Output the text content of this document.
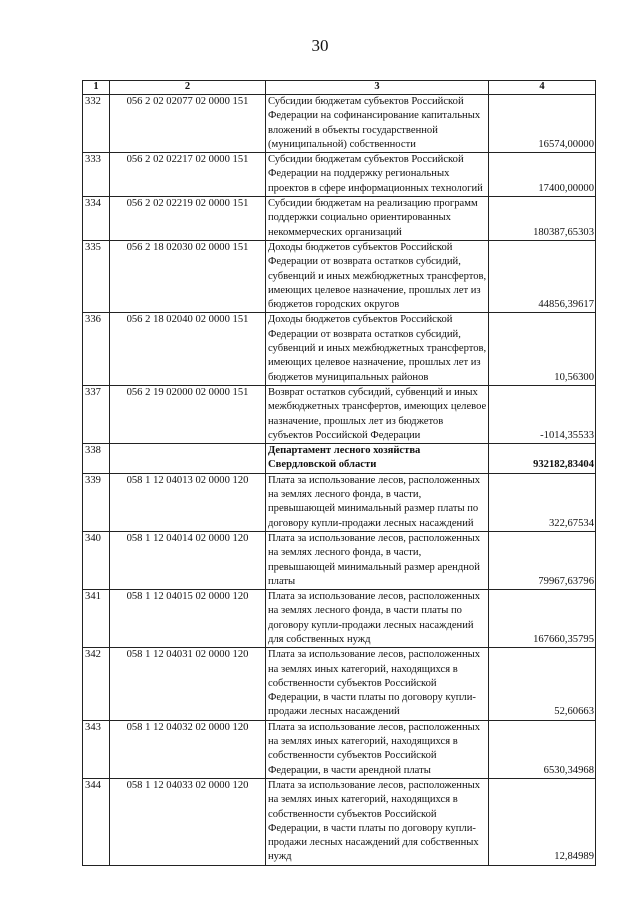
30
1	2	3	4
332	056 2 02 02077 02 0000 151	Субсидии бюджетам субъектов Российской Федерации на софинансирование капитальных вложений в объекты государственной (муниципальной) собственности	16574,00000
333	056 2 02 02217 02 0000 151	Субсидии бюджетам субъектов Российской Федерации на поддержку региональных проектов в сфере информационных технологий	17400,00000
334	056 2 02 02219 02 0000 151	Субсидии бюджетам на реализацию программ поддержки социально ориентированных некоммерческих организаций	180387,65303
335	056 2 18 02030 02 0000 151	Доходы бюджетов субъектов Российской Федерации от возврата остатков субсидий, субвенций и иных межбюджетных трансфертов, имеющих целевое назначение, прошлых лет из бюджетов городских округов	44856,39617
336	056 2 18 02040 02 0000 151	Доходы бюджетов субъектов Российской Федерации от возврата остатков субсидий, субвенций и иных межбюджетных трансфертов, имеющих целевое назначение, прошлых лет из бюджетов муниципальных районов	10,56300
337	056 2 19 02000 02 0000 151	Возврат остатков субсидий, субвенций и иных межбюджетных трансфертов, имеющих целевое назначение, прошлых лет из бюджетов субъектов Российской Федерации	-1014,35533
338		Департамент лесного хозяйства Свердловской области	932182,83404
339	058 1 12 04013 02 0000 120	Плата за использование лесов, расположенных на землях лесного фонда, в части, превышающей минимальный размер платы по договору купли-продажи лесных насаждений	322,67534
340	058 1 12 04014 02 0000 120	Плата за использование лесов, расположенных на землях лесного фонда, в части, превышающей минимальный размер арендной платы	79967,63796
341	058 1 12 04015 02 0000 120	Плата за использование лесов, расположенных на землях лесного фонда, в части платы по договору купли-продажи лесных насаждений для собственных нужд	167660,35795
342	058 1 12 04031 02 0000 120	Плата за использование лесов, расположенных на землях иных категорий, находящихся в собственности субъектов Российской Федерации, в части платы по договору купли-продажи лесных насаждений	52,60663
343	058 1 12 04032 02 0000 120	Плата за использование лесов, расположенных на землях иных категорий, находящихся в собственности субъектов Российской Федерации, в части арендной платы	6530,34968
344	058 1 12 04033 02 0000 120	Плата за использование лесов, расположенных на землях иных категорий, находящихся в собственности субъектов Российской Федерации, в части платы по договору купли-продажи лесных насаждений для собственных нужд	12,84989
